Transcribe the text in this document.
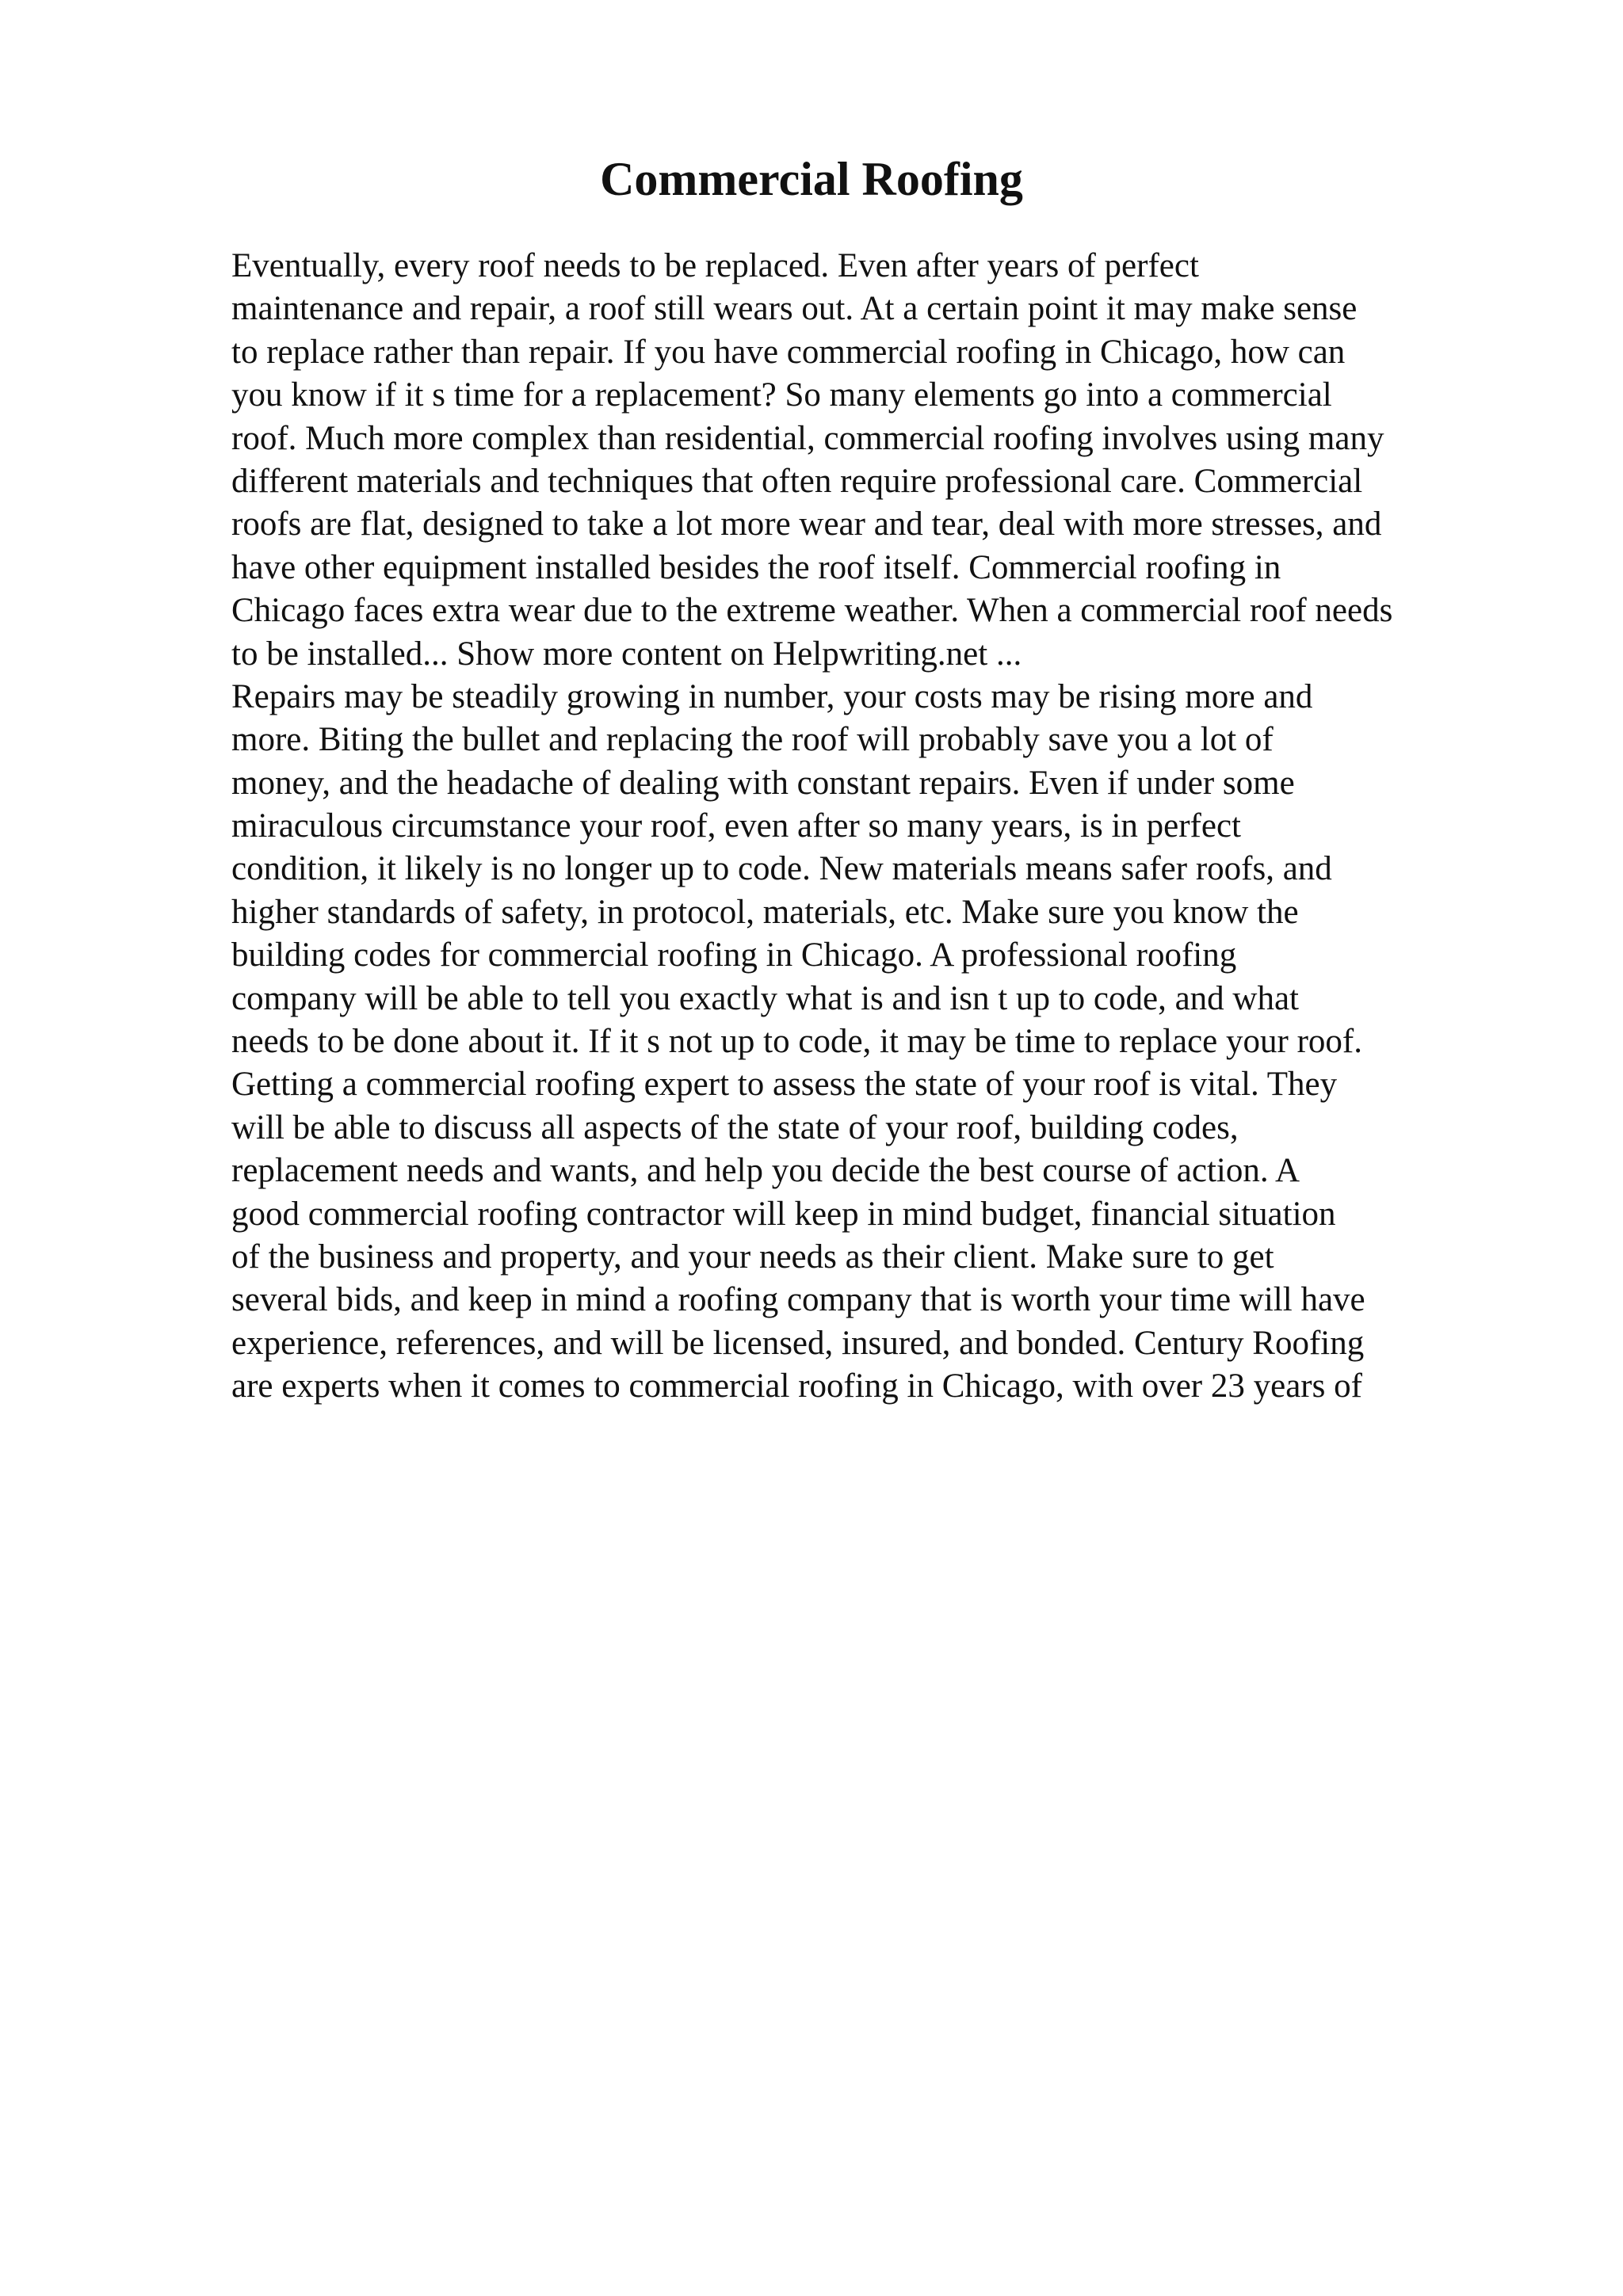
Commercial Roofing
Eventually, every roof needs to be replaced. Even after years of perfect
maintenance and repair, a roof still wears out. At a certain point it may make sense
to replace rather than repair. If you have commercial roofing in Chicago, how can
you know if it s time for a replacement? So many elements go into a commercial
roof. Much more complex than residential, commercial roofing involves using many
different materials and techniques that often require professional care. Commercial
roofs are flat, designed to take a lot more wear and tear, deal with more stresses, and
have other equipment installed besides the roof itself. Commercial roofing in
Chicago faces extra wear due to the extreme weather. When a commercial roof needs
to be installed... Show more content on Helpwriting.net ...
Repairs may be steadily growing in number, your costs may be rising more and
more. Biting the bullet and replacing the roof will probably save you a lot of
money, and the headache of dealing with constant repairs. Even if under some
miraculous circumstance your roof, even after so many years, is in perfect
condition, it likely is no longer up to code. New materials means safer roofs, and
higher standards of safety, in protocol, materials, etc. Make sure you know the
building codes for commercial roofing in Chicago. A professional roofing
company will be able to tell you exactly what is and isn t up to code, and what
needs to be done about it. If it s not up to code, it may be time to replace your roof.
Getting a commercial roofing expert to assess the state of your roof is vital. They
will be able to discuss all aspects of the state of your roof, building codes,
replacement needs and wants, and help you decide the best course of action. A
good commercial roofing contractor will keep in mind budget, financial situation
of the business and property, and your needs as their client. Make sure to get
several bids, and keep in mind a roofing company that is worth your time will have
experience, references, and will be licensed, insured, and bonded. Century Roofing
are experts when it comes to commercial roofing in Chicago, with over 23 years of
